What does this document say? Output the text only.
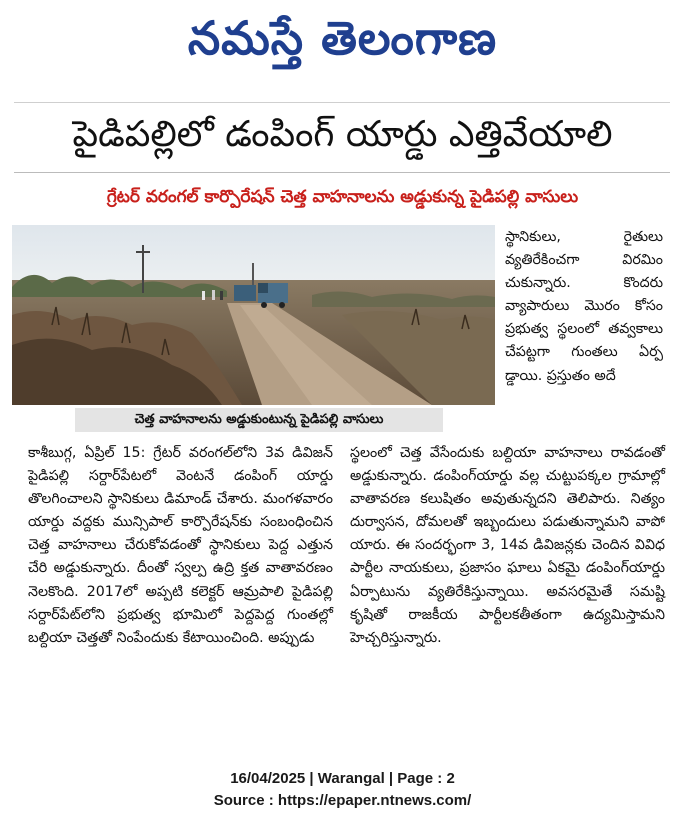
నమస్తే తెలంగాణ
పైడిపల్లిలో డంపింగ్ యార్డు ఎత్తివేయాలి
గ్రేటర్ వరంగల్ కార్పొరేషన్ చెత్త వాహనాలను అడ్డుకున్న పైడిపల్లి వాసులు
చెత్త వాహనాలను అడ్డుకుంటున్న పైడిపల్లి వాసులు
స్థానికులు, రైతులు వ్యతిరేకించగా విరమిం చుకున్నారు. కొందరు వ్యాపారులు మొరం కోసం ప్రభుత్వ స్థలంలో తవ్వకాలు చేపట్టగా గుంతలు ఏర్ప డ్డాయి. ప్రస్తుతం అదే
కాశీబుగ్గ, ఏప్రిల్ 15: గ్రేటర్ వరంగల్‌లోని 3వ డివిజన్ పైడిపల్లి సర్దార్‌పేటలో వెంటనే డంపింగ్ యార్డు తొలగించాలని స్థానికులు డిమాండ్ చేశారు. మంగళవారం యార్డు వద్దకు మున్సిపాల్ కార్పొరేషన్‌కు సంబంధించిన చెత్త వాహనాలు చేరుకోవడంతో స్థానికులు పెద్ద ఎత్తున చేరి అడ్డుకున్నారు. దీంతో స్వల్ప ఉద్రి క్తత వాతావరణం నెలకొంది. 2017లో అప్పటి కలెక్టర్ ఆమ్రపాలి పైడిపల్లి సర్దార్‌పేట్‌లోని ప్రభుత్వ భూమిలో పెద్దపెద్ద గుంతల్లో బల్దియా చెత్తతో నింపేందుకు కేటాయించింది. అప్పుడు
స్థలంలో చెత్త వేసేందుకు బల్దియా వాహనాలు రావడంతో అడ్డుకున్నారు. డంపింగ్‌యార్డు వల్ల చుట్టుపక్కల గ్రామాల్లో వాతావరణ కలుషితం అవుతున్నదని తెలిపారు. నిత్యం దుర్వాసన, దోమలతో ఇబ్బందులు పడుతున్నామని వాపో యారు. ఈ సందర్భంగా 3, 14వ డివిజన్లకు చెందిన వివిధ పార్టీల నాయకులు, ప్రజాసం ఘాలు ఏకమై డంపింగ్‌యార్డు ఏర్పాటును వ్యతిరేకిస్తున్నాయి. అవసరమైతే సమష్టి కృషితో రాజకీయ పార్టీలకతీతంగా ఉద్యమిస్తామని హెచ్చరిస్తున్నారు.
16/04/2025 | Warangal | Page : 2
Source : https://epaper.ntnews.com/
